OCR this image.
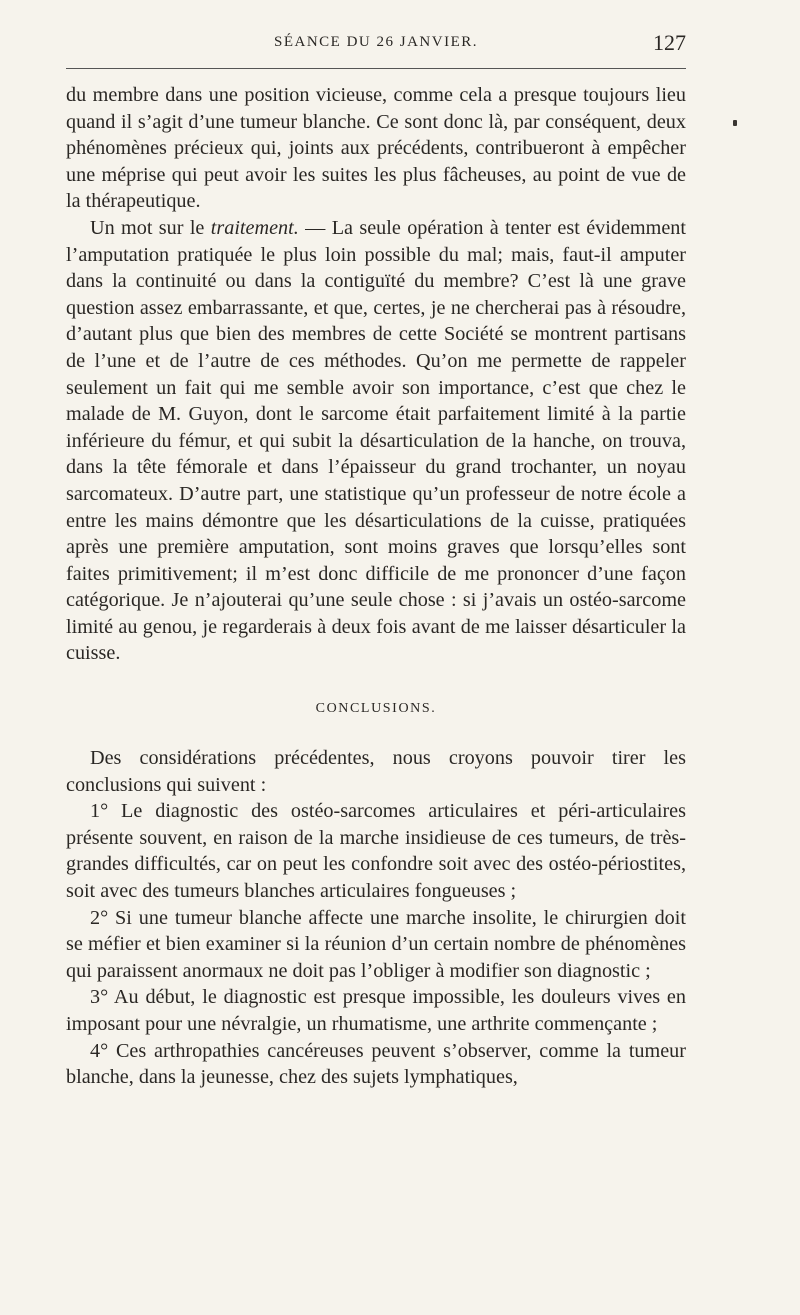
SÉANCE DU 26 JANVIER.	127

du membre dans une position vicieuse, comme cela a presque toujours lieu quand il s’agit d’une tumeur blanche. Ce sont donc là, par conséquent, deux phénomènes précieux qui, joints aux précédents, contribueront à empêcher une méprise qui peut avoir les suites les plus fâcheuses, au point de vue de la thérapeutique.

Un mot sur le traitement. — La seule opération à tenter est évidemment l’amputation pratiquée le plus loin possible du mal; mais, faut-il amputer dans la continuité ou dans la contiguïté du membre? C’est là une grave question assez embarrassante, et que, certes, je ne chercherai pas à résoudre, d’autant plus que bien des membres de cette Société se montrent partisans de l’une et de l’autre de ces méthodes. Qu’on me permette de rappeler seulement un fait qui me semble avoir son importance, c’est que chez le malade de M. Guyon, dont le sarcome était parfaitement limité à la partie inférieure du fémur, et qui subit la désarticulation de la hanche, on trouva, dans la tête fémorale et dans l’épaisseur du grand trochanter, un noyau sarcomateux. D’autre part, une statistique qu’un professeur de notre école a entre les mains démontre que les désarticulations de la cuisse, pratiquées après une première amputation, sont moins graves que lorsqu’elles sont faites primitivement; il m’est donc difficile de me prononcer d’une façon catégorique. Je n’ajouterai qu’une seule chose : si j’avais un ostéo-sarcome limité au genou, je regarderais à deux fois avant de me laisser désarticuler la cuisse.

CONCLUSIONS.

Des considérations précédentes, nous croyons pouvoir tirer les conclusions qui suivent :

1° Le diagnostic des ostéo-sarcomes articulaires et péri-articulaires présente souvent, en raison de la marche insidieuse de ces tumeurs, de très-grandes difficultés, car on peut les confondre soit avec des ostéo-périostites, soit avec des tumeurs blanches articulaires fongueuses ;

2° Si une tumeur blanche affecte une marche insolite, le chirurgien doit se méfier et bien examiner si la réunion d’un certain nombre de phénomènes qui paraissent anormaux ne doit pas l’obliger à modifier son diagnostic ;

3° Au début, le diagnostic est presque impossible, les douleurs vives en imposant pour une névralgie, un rhumatisme, une arthrite commençante ;

4° Ces arthropathies cancéreuses peuvent s’observer, comme la tumeur blanche, dans la jeunesse, chez des sujets lymphatiques,
